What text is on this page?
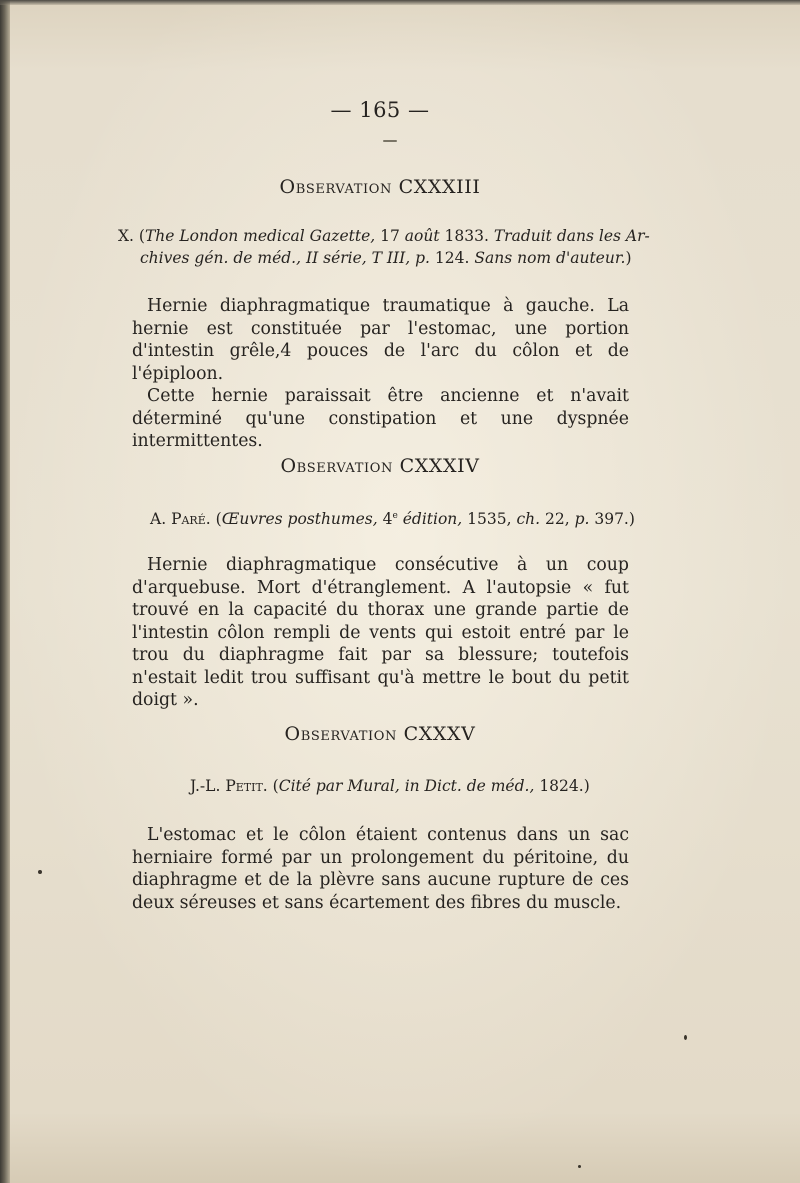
— 165 —
Observation CXXXIII
X. (The London medical Gazette, 17 août 1833. Traduit dans les Ar-
chives gén. de méd., II série, T III, p. 124. Sans nom d'auteur.)

Hernie diaphragmatique traumatique à gauche. La hernie est constituée par l'estomac, une portion d'intestin grêle,4 pouces de l'arc du côlon et de l'épiploon.

Cette hernie paraissait être ancienne et n'avait déterminé qu'une constipation et une dyspnée intermittentes.

Observation CXXXIV
A. Paré. (Œuvres posthumes, 4e édition, 1535, ch. 22, p. 397.)

Hernie diaphragmatique consécutive à un coup d'arquebuse. Mort d'étranglement. A l'autopsie « fut trouvé en la capacité du thorax une grande partie de l'intestin côlon rempli de vents qui estoit entré par le trou du diaphragme fait par sa blessure; toutefois n'estait ledit trou suffisant qu'à mettre le bout du petit doigt ».

Observation CXXXV
J.-L. Petit. (Cité par Mural, in Dict. de méd., 1824.)

L'estomac et le côlon étaient contenus dans un sac herniaire formé par un prolongement du péritoine, du diaphragme et de la plèvre sans aucune rupture de ces deux séreuses et sans écartement des fibres du muscle.
